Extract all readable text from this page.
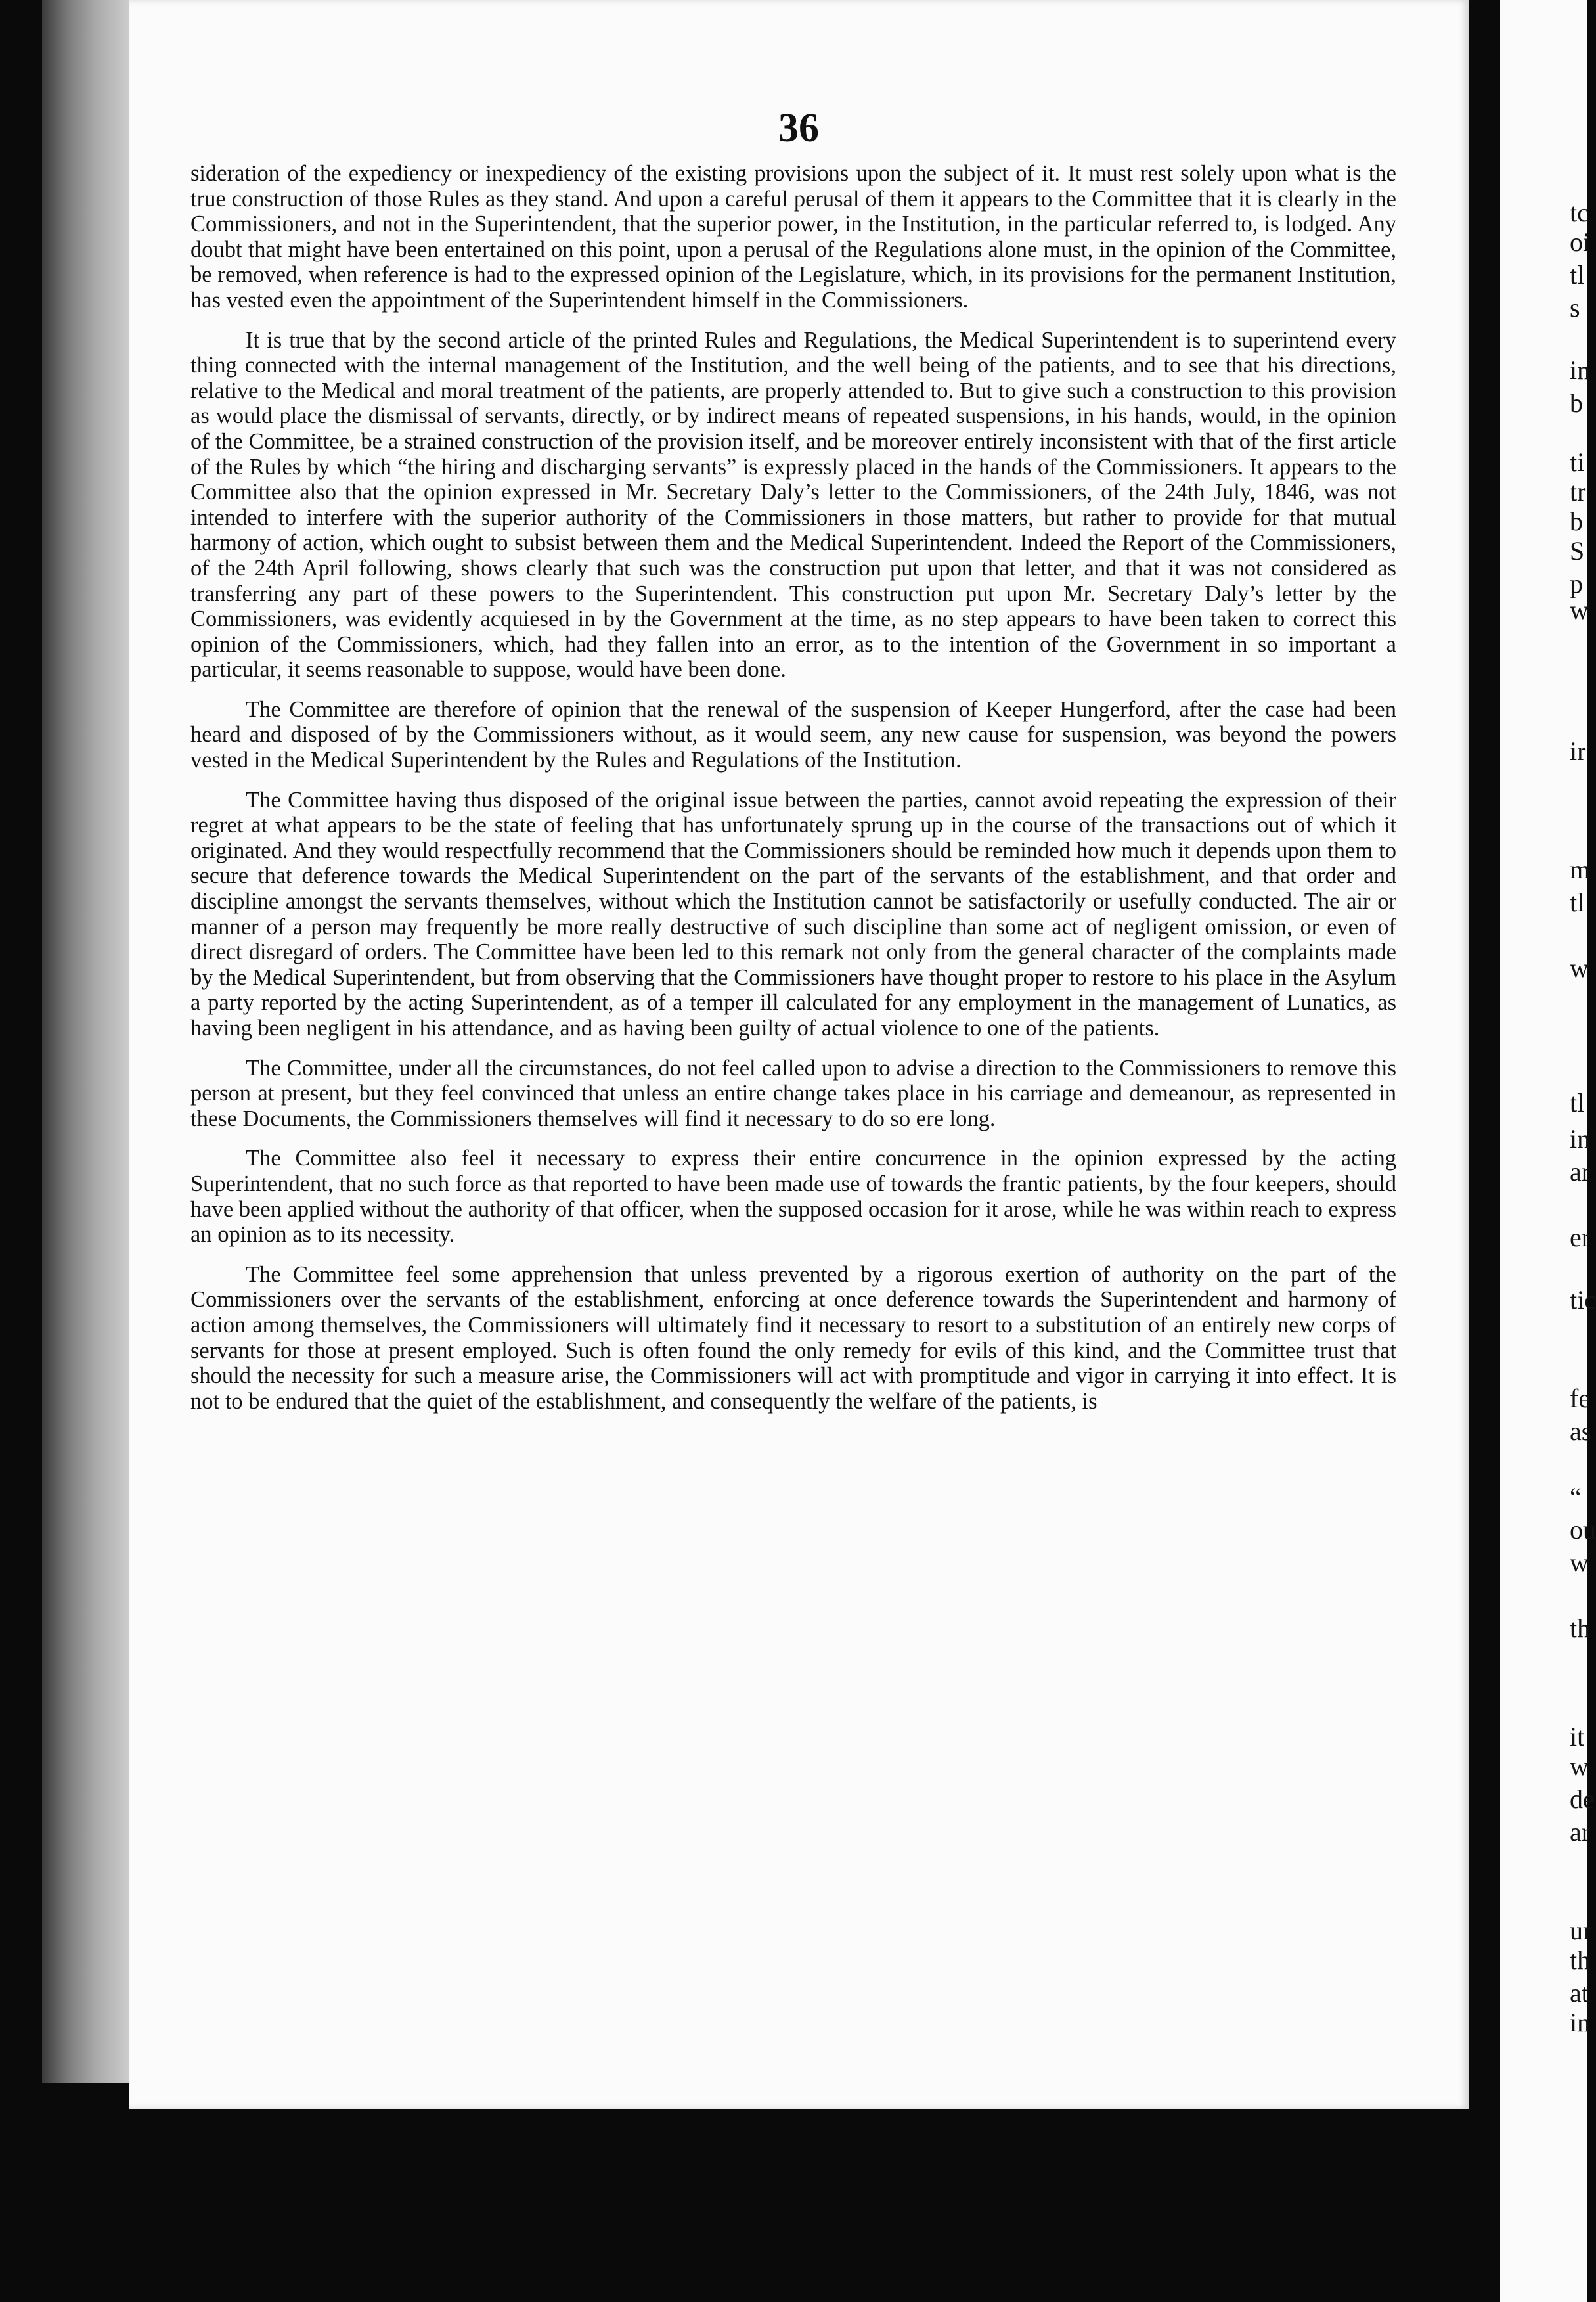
36

sideration of the expediency or inexpediency of the existing provisions upon the subject of it. It must rest solely upon what is the true construction of those Rules as they stand. And upon a careful perusal of them it appears to the Committee that it is clearly in the Commissioners, and not in the Superintendent, that the superior power, in the Institution, in the particular referred to, is lodged. Any doubt that might have been entertained on this point, upon a perusal of the Regulations alone must, in the opinion of the Committee, be removed, when reference is had to the expressed opinion of the Legislature, which, in its provisions for the permanent Institution, has vested even the appointment of the Superintendent himself in the Commissioners.

It is true that by the second article of the printed Rules and Regulations, the Medical Superintendent is to superintend every thing connected with the internal management of the Institution, and the well being of the patients, and to see that his directions, relative to the Medical and moral treatment of the patients, are properly attended to. But to give such a construction to this provision as would place the dismissal of servants, directly, or by indirect means of repeated suspensions, in his hands, would, in the opinion of the Committee, be a strained construction of the provision itself, and be moreover entirely inconsistent with that of the first article of the Rules by which “the hiring and discharging servants” is expressly placed in the hands of the Commissioners. It appears to the Committee also that the opinion expressed in Mr. Secretary Daly’s letter to the Commissioners, of the 24th July, 1846, was not intended to interfere with the superior authority of the Commissioners in those matters, but rather to provide for that mutual harmony of action, which ought to subsist between them and the Medical Superintendent. Indeed the Report of the Commissioners, of the 24th April following, shows clearly that such was the construction put upon that letter, and that it was not considered as transferring any part of these powers to the Superintendent. This construction put upon Mr. Secretary Daly’s letter by the Commissioners, was evidently acquiesed in by the Government at the time, as no step appears to have been taken to correct this opinion of the Commissioners, which, had they fallen into an error, as to the intention of the Government in so important a particular, it seems reasonable to suppose, would have been done.

The Committee are therefore of opinion that the renewal of the suspension of Keeper Hungerford, after the case had been heard and disposed of by the Commissioners without, as it would seem, any new cause for suspension, was beyond the powers vested in the Medical Superintendent by the Rules and Regulations of the Institution.

The Committee having thus disposed of the original issue between the parties, cannot avoid repeating the expression of their regret at what appears to be the state of feeling that has unfortunately sprung up in the course of the transactions out of which it originated. And they would respectfully recommend that the Commissioners should be reminded how much it depends upon them to secure that deference towards the Medical Superintendent on the part of the servants of the establishment, and that order and discipline amongst the servants themselves, without which the Institution cannot be satisfactorily or usefully conducted. The air or manner of a person may frequently be more really destructive of such discipline than some act of negligent omission, or even of direct disregard of orders. The Committee have been led to this remark not only from the general character of the complaints made by the Medical Superintendent, but from observing that the Commissioners have thought proper to restore to his place in the Asylum a party reported by the acting Superintendent, as of a temper ill calculated for any employment in the management of Lunatics, as having been negligent in his attendance, and as having been guilty of actual violence to one of the patients.

The Committee, under all the circumstances, do not feel called upon to advise a direction to the Commissioners to remove this person at present, but they feel convinced that unless an entire change takes place in his carriage and demeanour, as represented in these Documents, the Commissioners themselves will find it necessary to do so ere long.

The Committee also feel it necessary to express their entire concurrence in the opinion expressed by the acting Superintendent, that no such force as that reported to have been made use of towards the frantic patients, by the four keepers, should have been applied without the authority of that officer, when the supposed occasion for it arose, while he was within reach to express an opinion as to its necessity.

The Committee feel some apprehension that unless prevented by a rigorous exertion of authority on the part of the Commissioners over the servants of the establishment, enforcing at once deference towards the Superintendent and harmony of action among themselves, the Commissioners will ultimately find it necessary to resort to a substitution of an entirely new corps of servants for those at present employed. Such is often found the only remedy for evils of this kind, and the Committee trust that should the necessity for such a measure arise, the Commissioners will act with promptitude and vigor in carrying it into effect. It is not to be endured that the quiet of the establishment, and consequently the welfare of the patients, is

tc
oi
tl
s
in
b
ti
tr
b
S
p
w
ir
m
tl
w
tl
in
ar
er
tic
fe
as
“
ou
w
th
it
w
de
ar
ur
th
at
in
